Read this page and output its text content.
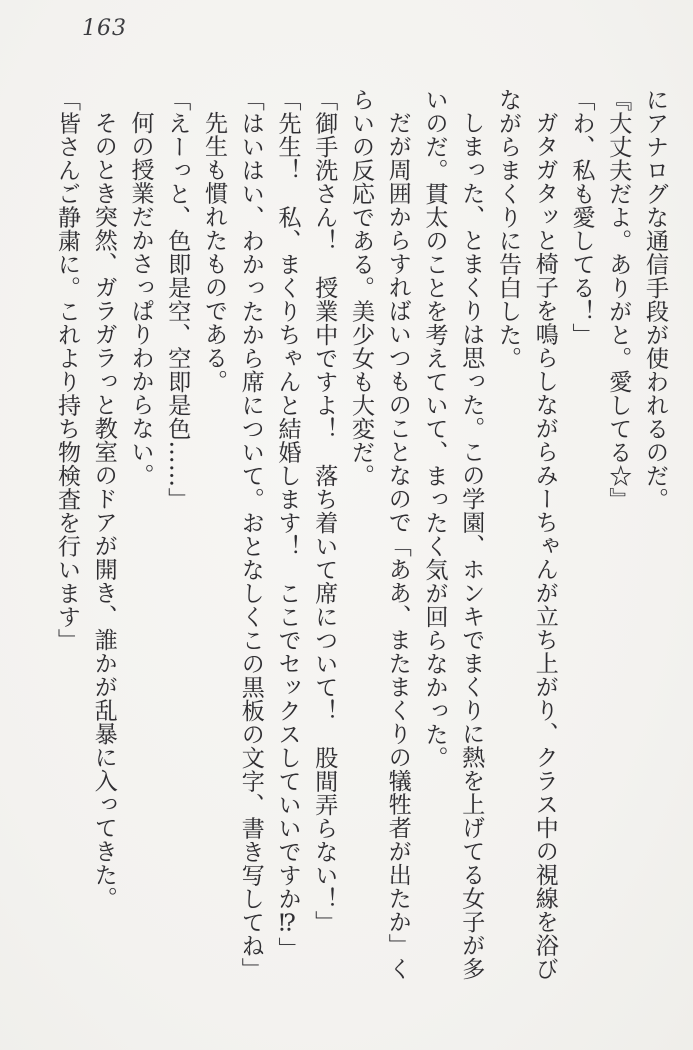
163

にアナログな通信手段が使われるのだ。

『大丈夫だよ。ありがと。愛してる☆』

「わ、私も愛してる！」

ガタガタッと椅子を鳴らしながらみーちゃんが立ち上がり、クラス中の視線を浴びながらまくりに告白した。

しまった、とまくりは思った。この学園、ホンキでまくりに熱を上げてる女子が多いのだ。貫太のことを考えていて、まったく気が回らなかった。

だが周囲からすればいつものことなので「ああ、またまくりの犠牲者が出たか」くらいの反応である。美少女も大変だ。

「御手洗さん！　授業中ですよ！　落ち着いて席について！　股間弄らない！」

「先生！　私、まくりちゃんと結婚します！　ここでセックスしていいですか⁉」

「はいはい、わかったから席について。おとなしくこの黒板の文字、書き写してね」

先生も慣れたものである。

「えーっと、色即是空、空即是色……」

何の授業だかさっぱりわからない。

そのとき突然、ガラガラっと教室のドアが開き、誰かが乱暴に入ってきた。

「皆さんご静粛に。これより持ち物検査を行います」
